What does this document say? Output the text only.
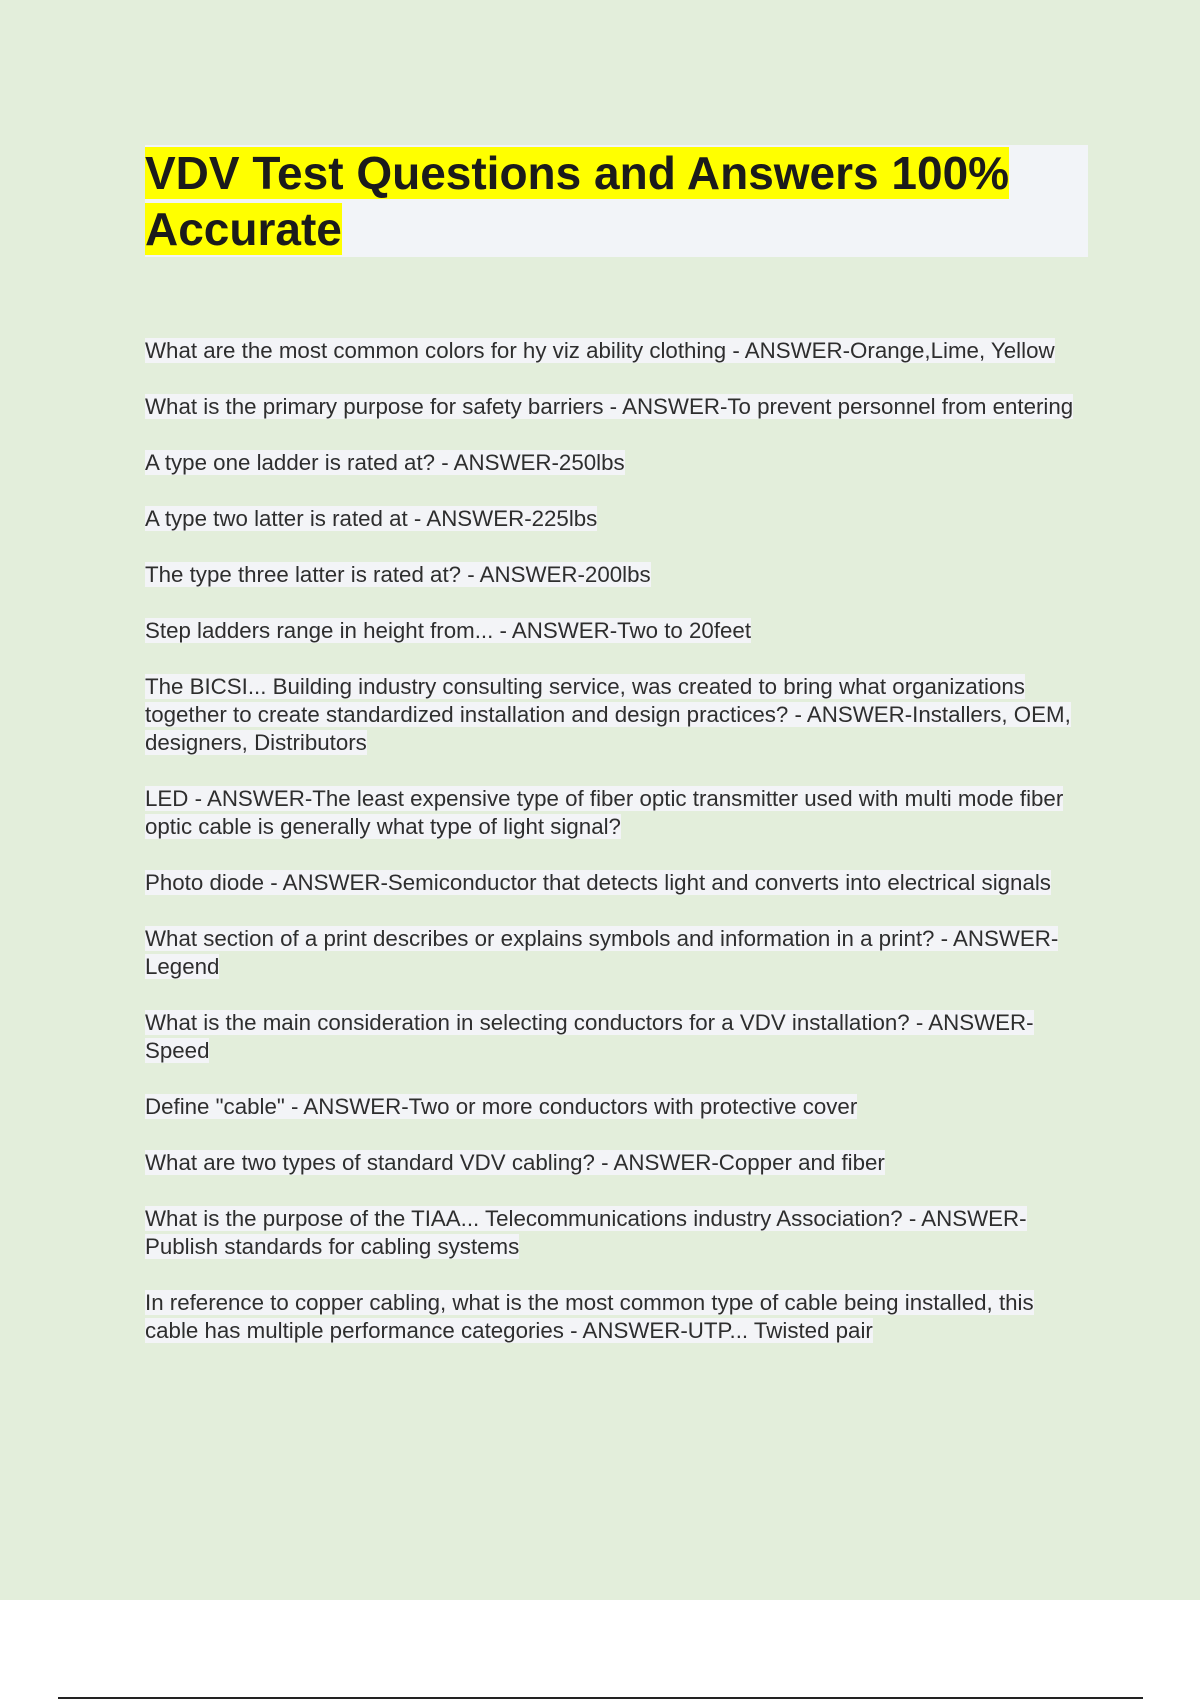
VDV Test Questions and Answers 100% Accurate
What are the most common colors for hy viz ability clothing - ANSWER-Orange,Lime, Yellow
What is the primary purpose for safety barriers - ANSWER-To prevent personnel from entering
A type one ladder is rated at? - ANSWER-250lbs
A type two latter is rated at - ANSWER-225lbs
The type three latter is rated at? - ANSWER-200lbs
Step ladders range in height from... - ANSWER-Two to 20feet
The BICSI... Building industry consulting service, was created to bring what organizations together to create standardized installation and design practices? - ANSWER-Installers, OEM, designers, Distributors
LED - ANSWER-The least expensive type of fiber optic transmitter used with multi mode fiber optic cable is generally what type of light signal?
Photo diode - ANSWER-Semiconductor that detects light and converts into electrical signals
What section of a print describes or explains symbols and information in a print? - ANSWER-Legend
What is the main consideration in selecting conductors for a VDV installation? - ANSWER-Speed
Define "cable" - ANSWER-Two or more conductors with protective cover
What are two types of standard VDV cabling? - ANSWER-Copper and fiber
What is the purpose of the TIAA... Telecommunications industry Association? - ANSWER-Publish standards for cabling systems
In reference to copper cabling, what is the most common type of cable being installed, this cable has multiple performance categories - ANSWER-UTP... Twisted pair
